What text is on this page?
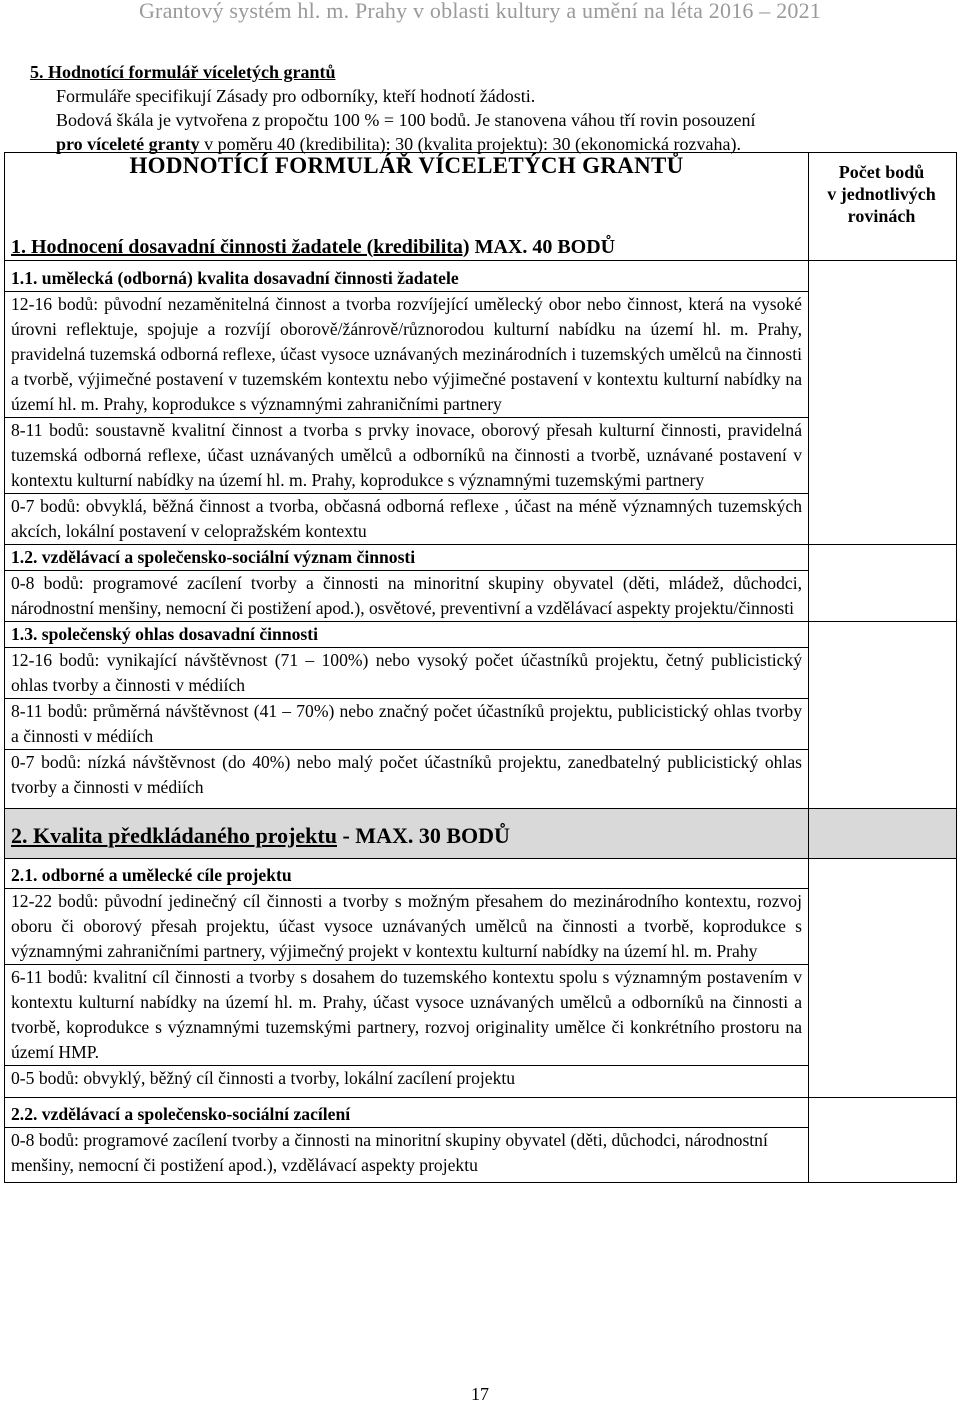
Grantový systém hl. m. Prahy v oblasti kultury a umění na léta 2016 – 2021
5. Hodnotící formulář víceletých grantů
Formuláře specifikují Zásady pro odborníky, kteří hodnotí žádosti.
Bodová škála je vytvořena z propočtu 100 % = 100 bodů. Je stanovena váhou tří rovin posouzení
pro víceleté granty v poměru 40 (kredibilita): 30 (kvalita projektu): 30 (ekonomická rozvaha).
HODNOTÍCÍ FORMULÁŘ VÍCELETÝCH GRANTŮ	Počet bodů
v jednotlivých
rovinách

1. Hodnocení dosavadní činnosti žadatele (kredibilita) MAX. 40 BODŮ	
1.1. umělecká (odborná) kvalita dosavadní činnosti žadatele	
12-16 bodů: původní nezaměnitelná činnost a tvorba rozvíjející umělecký obor nebo činnost, která na vysoké úrovni reflektuje, spojuje a rozvíjí oborově/žánrově/různorodou kulturní nabídku na území hl. m. Prahy, pravidelná tuzemská odborná reflexe, účast vysoce uznávaných mezinárodních i tuzemských umělců na činnosti a tvorbě, výjimečné postavení v tuzemském kontextu nebo výjimečné postavení v kontextu kulturní nabídky na území hl. m. Prahy, koprodukce s významnými zahraničními partnery	
8-11 bodů: soustavně kvalitní činnost a tvorba s prvky inovace, oborový přesah kulturní činnosti, pravidelná tuzemská odborná reflexe, účast uznávaných umělců a odborníků na činnosti a tvorbě, uznávané postavení v kontextu kulturní nabídky na území hl. m. Prahy, koprodukce s významnými tuzemskými partnery	
0-7 bodů: obvyklá, běžná činnost a tvorba, občasná odborná reflexe , účast na méně významných tuzemských akcích, lokální postavení v celopražském kontextu	
1.2. vzdělávací a společensko-sociální význam činnosti	
0-8 bodů: programové zacílení tvorby a činnosti na minoritní skupiny obyvatel (děti, mládež, důchodci, národnostní menšiny, nemocní či postižení apod.), osvětové, preventivní a vzdělávací aspekty projektu/činnosti	
1.3. společenský ohlas dosavadní činnosti	
12-16 bodů: vynikající návštěvnost (71 – 100%) nebo vysoký počet účastníků projektu, četný publicistický ohlas tvorby a činnosti v médiích	
8-11 bodů: průměrná návštěvnost (41 – 70%) nebo značný počet účastníků projektu, publicistický ohlas tvorby a činnosti v médiích	
0-7 bodů: nízká návštěvnost (do 40%) nebo malý počet účastníků projektu, zanedbatelný publicistický ohlas tvorby a činnosti v médiích	
2. Kvalita předkládaného projektu - MAX. 30 BODŮ	
2.1. odborné a umělecké cíle projektu	
12-22 bodů: původní jedinečný cíl činnosti a tvorby s možným přesahem do mezinárodního kontextu, rozvoj oboru či oborový přesah projektu, účast vysoce uznávaných umělců na činnosti a tvorbě, koprodukce s významnými zahraničními partnery, výjimečný projekt v kontextu kulturní nabídky na území hl. m. Prahy	
6-11 bodů: kvalitní cíl činnosti a tvorby s dosahem do tuzemského kontextu spolu s významným postavením v kontextu kulturní nabídky na území hl. m. Prahy, účast vysoce uznávaných umělců a odborníků na činnosti a tvorbě, koprodukce s významnými tuzemskými partnery, rozvoj originality umělce či konkrétního prostoru na území HMP.	
0-5 bodů: obvyklý, běžný cíl činnosti a tvorby, lokální zacílení projektu	
2.2. vzdělávací a společensko-sociální zacílení	
0-8 bodů: programové zacílení tvorby a činnosti na minoritní skupiny obyvatel (děti, důchodci, národnostní menšiny, nemocní či postižení apod.), vzdělávací aspekty projektu	
17
